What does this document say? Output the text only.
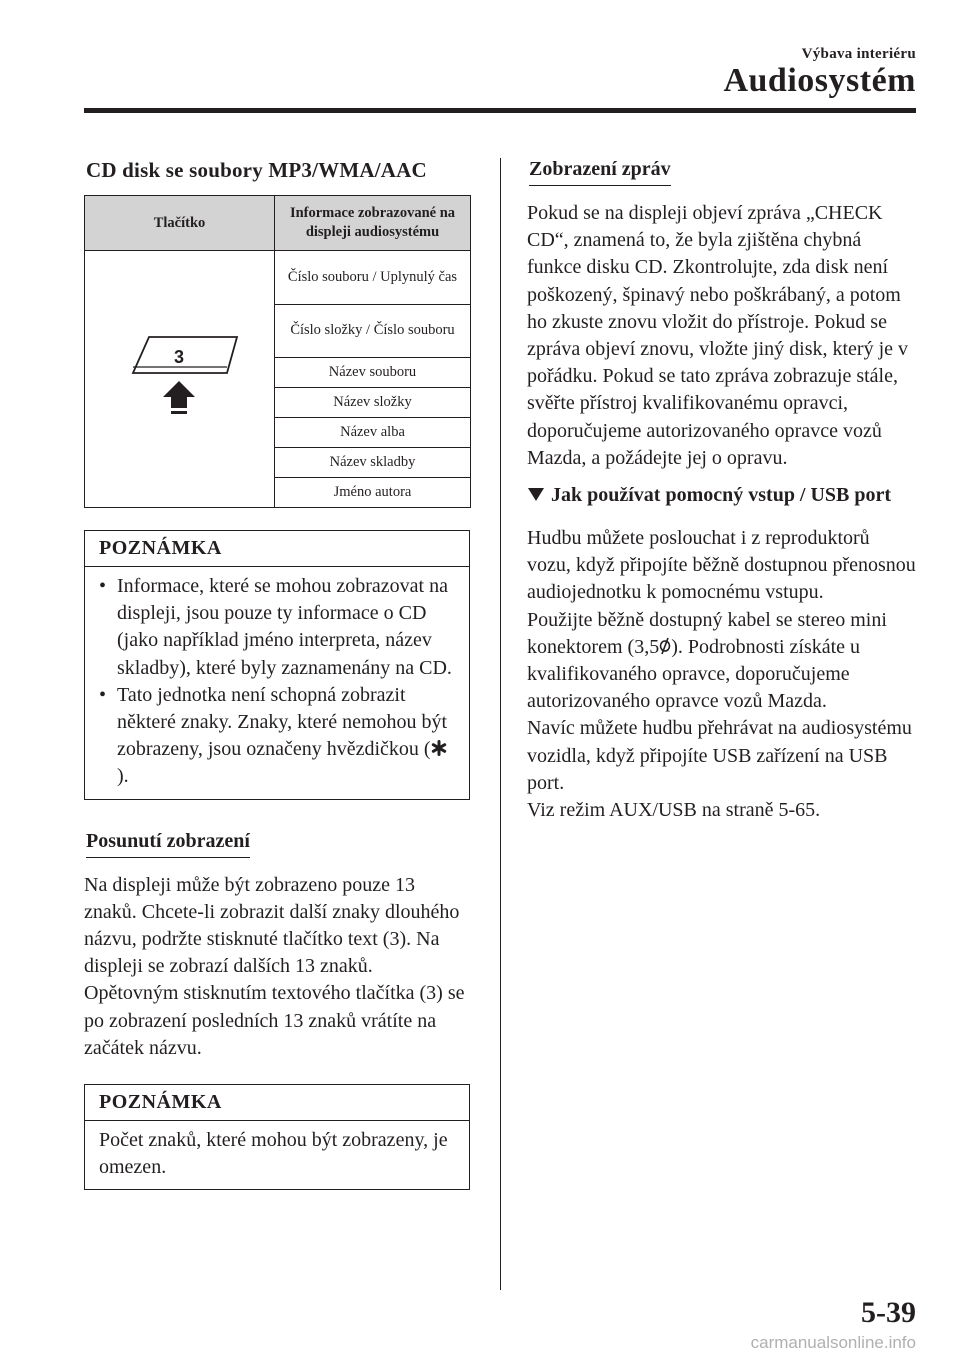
Výbava interiéru
Audiosystém
CD disk se soubory MP3/WMA/AAC
Tlačítko	Informace zobrazované na displeji audiosystému

3	Číslo souboru / Uplynulý čas
	Číslo složky / Číslo souboru
	Název souboru
	Název složky
	Název alba
	Název skladby
	Jméno autora
POZNÁMKA
• Informace, které se mohou zobrazovat na displeji, jsou pouze ty informace o CD (jako například jméno interpreta, název skladby), které byly zaznamenány na CD.
• Tato jednotka není schopná zobrazit některé znaky. Znaky, které nemohou být zobrazeny, jsou označeny hvězdičkou ().
Posunutí zobrazení

Na displeji může být zobrazeno pouze 13 znaků. Chcete-li zobrazit další znaky dlouhého názvu, podržte stisknuté tlačítko text (3). Na displeji se zobrazí dalších 13 znaků. Opětovným stisknutím textového tlačítka (3) se po zobrazení posledních 13 znaků vrátíte na začátek názvu.

POZNÁMKA

Počet znaků, které mohou být zobrazeny, je omezen.

Zobrazení zpráv

Pokud se na displeji objeví zpráva „CHECK CD“, znamená to, že byla zjištěna chybná funkce disku CD. Zkontrolujte, zda disk není poškozený, špinavý nebo poškrábaný, a potom ho zkuste znovu vložit do přístroje. Pokud se zpráva objeví znovu, vložte jiný disk, který je v pořádku. Pokud se tato zpráva zobrazuje stále, svěřte přístroj kvalifikovanému opravci, doporučujeme autorizovaného opravce vozů Mazda, a požádejte jej o opravu.

Jak používat pomocný vstup / USB port

Hudbu můžete poslouchat i z reproduktorů vozu, když připojíte běžně dostupnou přenosnou audiojednotku k pomocnému vstupu.

Použijte běžně dostupný kabel se stereo mini konektorem (3,5 ). Podrobnosti získáte u kvalifikovaného opravce, doporučujeme autorizovaného opravce vozů Mazda.

Navíc můžete hudbu přehrávat na audiosystému vozidla, když připojíte USB zařízení na USB port.

Viz režim AUX/USB na straně 5-65.

5-39
carmanualsonline.info
